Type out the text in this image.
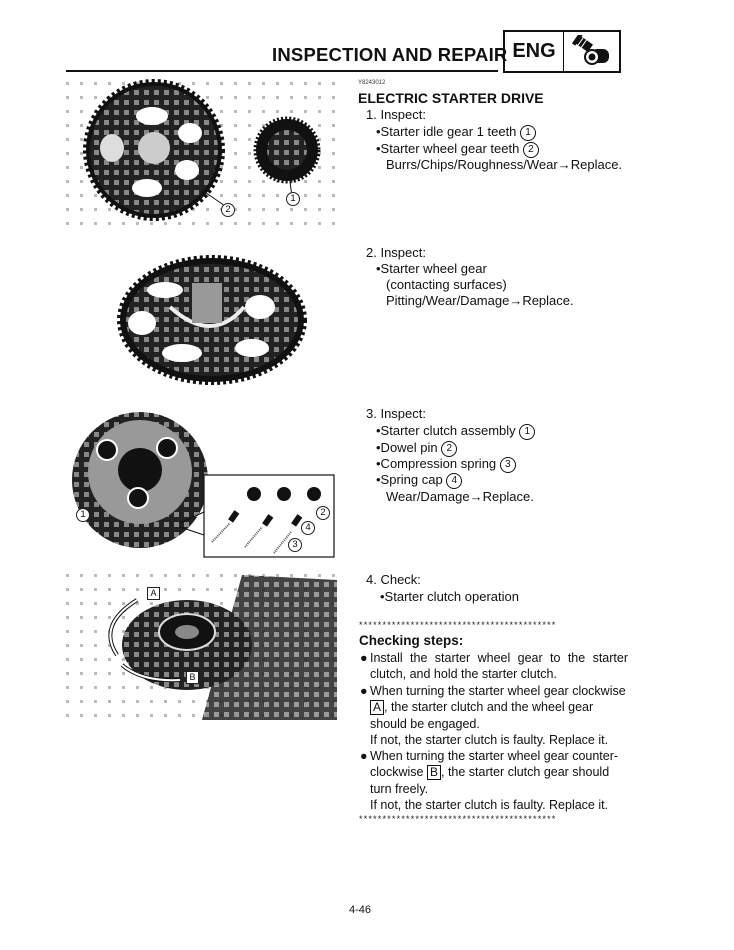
INSPECTION AND REPAIR ENG
Y8243012
ELECTRIC STARTER DRIVE
1. Inspect:
•Starter idle gear 1 teeth 1
•Starter wheel gear teeth 2
Burrs/Chips/Roughness/Wear→Replace.
2. Inspect:
•Starter wheel gear
(contacting surfaces)
Pitting/Wear/Damage→Replace.
3. Inspect:
•Starter clutch assembly 1
•Dowel pin 2
•Compression spring 3
•Spring cap 4
Wear/Damage→Replace.
4. Check:
•Starter clutch operation
******************************************
Checking steps:
● Install the starter wheel gear to the starter clutch, and hold the starter clutch.
● When turning the starter wheel gear clockwise A , the starter clutch and the wheel gear should be engaged.
If not, the starter clutch is faulty. Replace it.
● When turning the starter wheel gear counter-clockwise B , the starter clutch gear should turn freely.
If not, the starter clutch is faulty. Replace it.
******************************************
2
1
1	2
3
4
A
B
4-46
